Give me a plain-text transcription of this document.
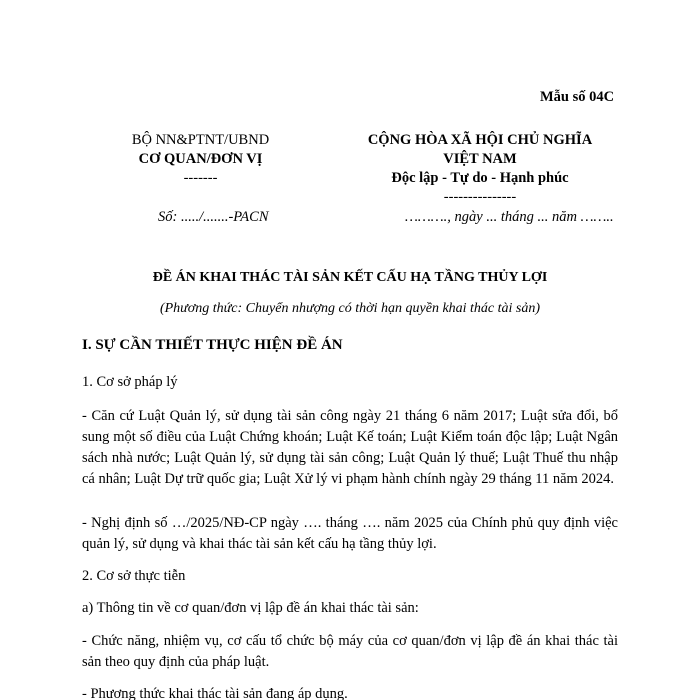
Mẫu số 04C
BỘ NN&PTNT/UBND
CƠ QUAN/ĐƠN VỊ
-------
CỘNG HÒA XÃ HỘI CHỦ NGHĨA
VIỆT NAM
Độc lập - Tự do - Hạnh phúc
---------------
Số: ...../.......-PACN	………., ngày ... tháng ... năm ……..
ĐỀ ÁN KHAI THÁC TÀI SẢN KẾT CẤU HẠ TẦNG THỦY LỢI
(Phương thức: Chuyển nhượng có thời hạn quyền khai thác tài sản)
I. SỰ CẦN THIẾT THỰC HIỆN ĐỀ ÁN
1. Cơ sở pháp lý
- Căn cứ Luật Quản lý, sử dụng tài sản công ngày 21 tháng 6 năm 2017; Luật sửa đổi, bổ sung một số điều của Luật Chứng khoán; Luật Kế toán; Luật Kiểm toán độc lập; Luật Ngân sách nhà nước; Luật Quản lý, sử dụng tài sản công; Luật Quản lý thuế; Luật Thuế thu nhập cá nhân; Luật Dự trữ quốc gia; Luật Xử lý vi phạm hành chính ngày 29 tháng 11 năm 2024.
- Nghị định số …/2025/NĐ-CP ngày …. tháng …. năm 2025 của Chính phủ quy định việc quản lý, sử dụng và khai thác tài sản kết cấu hạ tầng thủy lợi.
2. Cơ sở thực tiễn
a) Thông tin về cơ quan/đơn vị lập đề án khai thác tài sản:
- Chức năng, nhiệm vụ, cơ cấu tổ chức bộ máy của cơ quan/đơn vị lập đề án khai thác tài sản theo quy định của pháp luật.
- Phương thức khai thác tài sản đang áp dụng.
